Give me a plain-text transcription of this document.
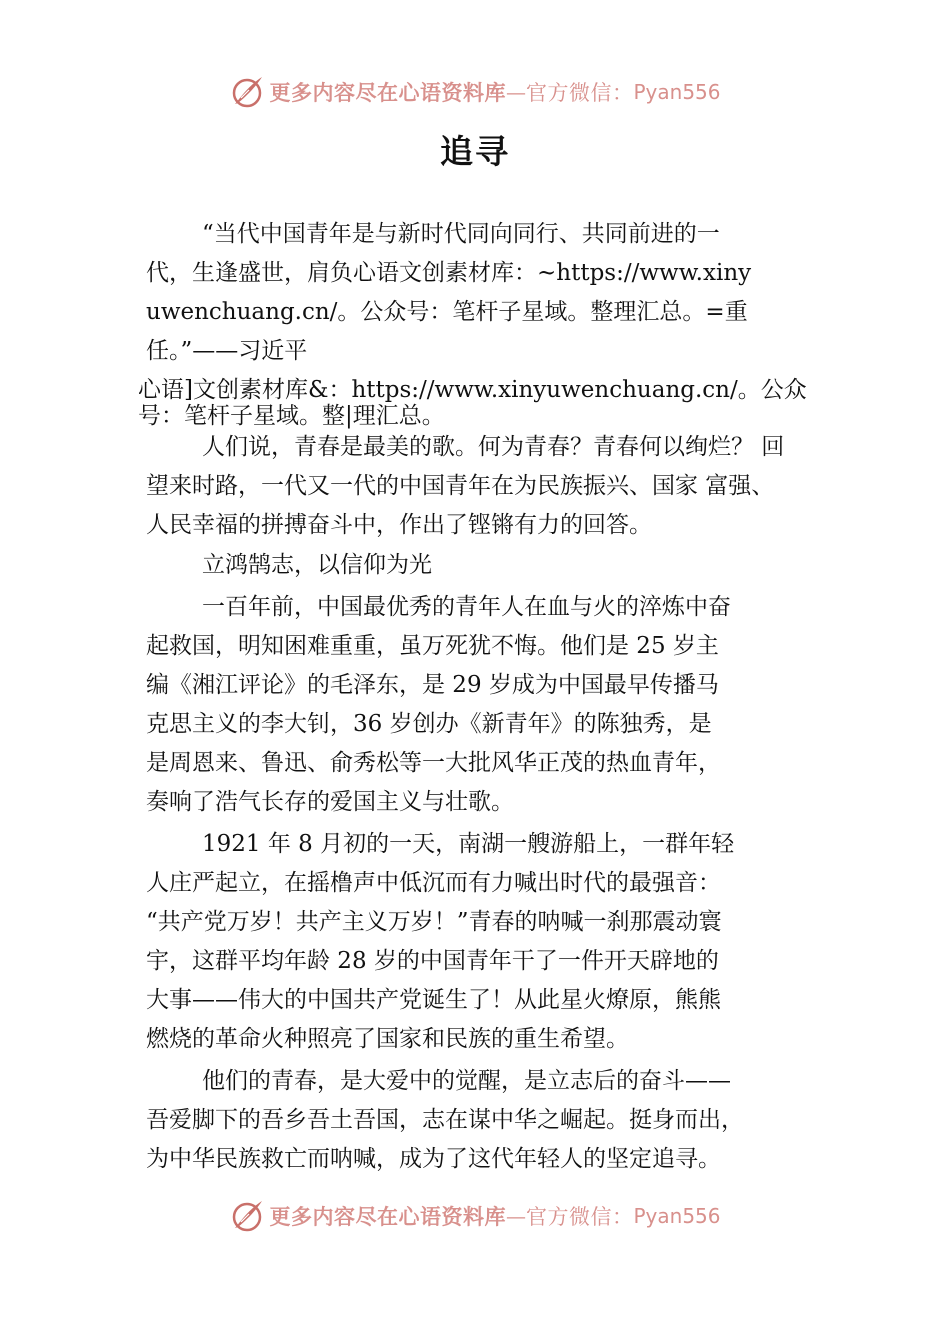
更多内容尽在心语资料库 — 官方微信： Pyan556
追寻
“当代中国青年是与新时代同向同行、共同前进的一
代，生逢盛世，肩负心语文创素材库：~https://www.xiny
uwenchuang.cn/。公众号：笔杆子星域。整理汇总。=重
任。”——习近平
心语]文创素材库&：https://www.xinyuwenchuang.cn/。公众
号：笔杆子星域。整|理汇总。
人们说，青春是最美的歌。何为青春？青春何以绚烂？ 回
望来时路，一代又一代的中国青年在为民族振兴、国家 富强、
人民幸福的拼搏奋斗中，作出了铿锵有力的回答。
立鸿鹄志，以信仰为光
一百年前，中国最优秀的青年人在血与火的淬炼中奋
起救国，明知困难重重，虽万死犹不悔。他们是 25 岁主
编《湘江评论》的毛泽东，是 29 岁成为中国最早传播马
克思主义的李大钊，36 岁创办《新青年》的陈独秀，是
是周恩来、鲁迅、俞秀松等一大批风华正茂的热血青年，
奏响了浩气长存的爱国主义与壮歌。
1921 年 8 月初的一天，南湖一艘游船上，一群年轻
人庄严起立，在摇橹声中低沉而有力喊出时代的最强音：
“共产党万岁！共产主义万岁！”青春的呐喊一刹那震动寰
宇，这群平均年龄 28 岁的中国青年干了一件开天辟地的
大事——伟大的中国共产党诞生了！从此星火燎原，熊熊
燃烧的革命火种照亮了国家和民族的重生希望。
他们的青春，是大爱中的觉醒，是立志后的奋斗——
吾爱脚下的吾乡吾土吾国，志在谋中华之崛起。挺身而出，
为中华民族救亡而呐喊，成为了这代年轻人的坚定追寻。
更多内容尽在心语资料库 — 官方微信： Pyan556
